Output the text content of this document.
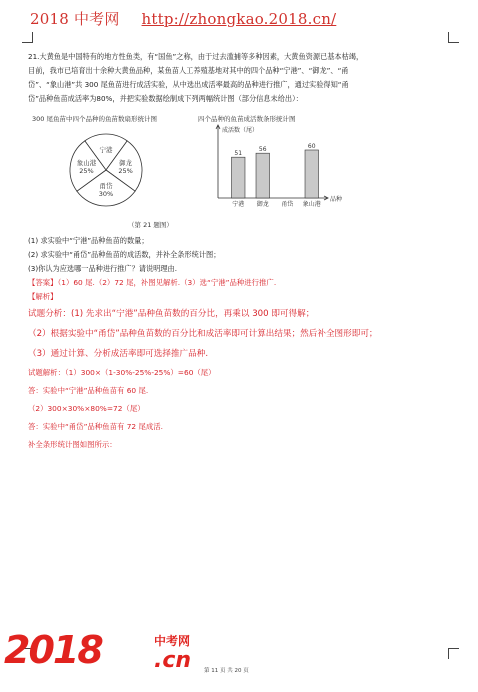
2018 中考网 http://zhongkao.2018.cn/

21.大黄鱼是中国特有的地方性鱼类，有“国鱼”之称，由于过去滥捕等多种因素，大黄鱼资源已基本枯竭，

目前，我市已培育出十余种大黄鱼品种，某鱼苗人工养殖基地对其中的四个品种“宁港”、“御龙”、“甬

岱”、“象山港”共 300 尾鱼苗进行成活实验，从中选出成活率最高的品种进行推广，通过实验得知“甬

岱”品种鱼苗成活率为80%，并把实验数据绘制成下列两幅统计图（部分信息未给出）：

300 尾鱼苗中四个品种的鱼苗数扇形统计图
宁港
御龙
25%
甬岱
30%
象山港
25%
四个品种的鱼苗成活数条形统计图
成活数（尾）
品种
51
宁港
56
御龙 甬岱
60
象山港
（第 21 题图）

(1) 求实验中“宁港”品种鱼苗的数量；

(2) 求实验中“甬岱”品种鱼苗的成活数，并补全条形统计图；

(3)你认为应选哪一品种进行推广？请说明理由.

【答案】（1）60 尾.（2）72 尾，补图见解析.（3）选“宁港”品种进行推广.

【解析】

试题分析：(1) 先求出“宁港”品种鱼苗数的百分比，再乘以 300 即可得解；

（2）根据实验中“甬岱”品种鱼苗数的百分比和成活率即可计算出结果；然后补全图形即可；

（3）通过计算、分析成活率即可选择推广品种.

试题解析：（1）300×（1-30%-25%-25%）=60（尾）

答：实验中“宁港”品种鱼苗有 60 尾.

（2）300×30%×80%=72（尾）

答：实验中“甬岱”品种鱼苗有 72 尾成活.

补全条形统计图如图所示：

2018	中考网
.cn 第 11 页 共 20 页
